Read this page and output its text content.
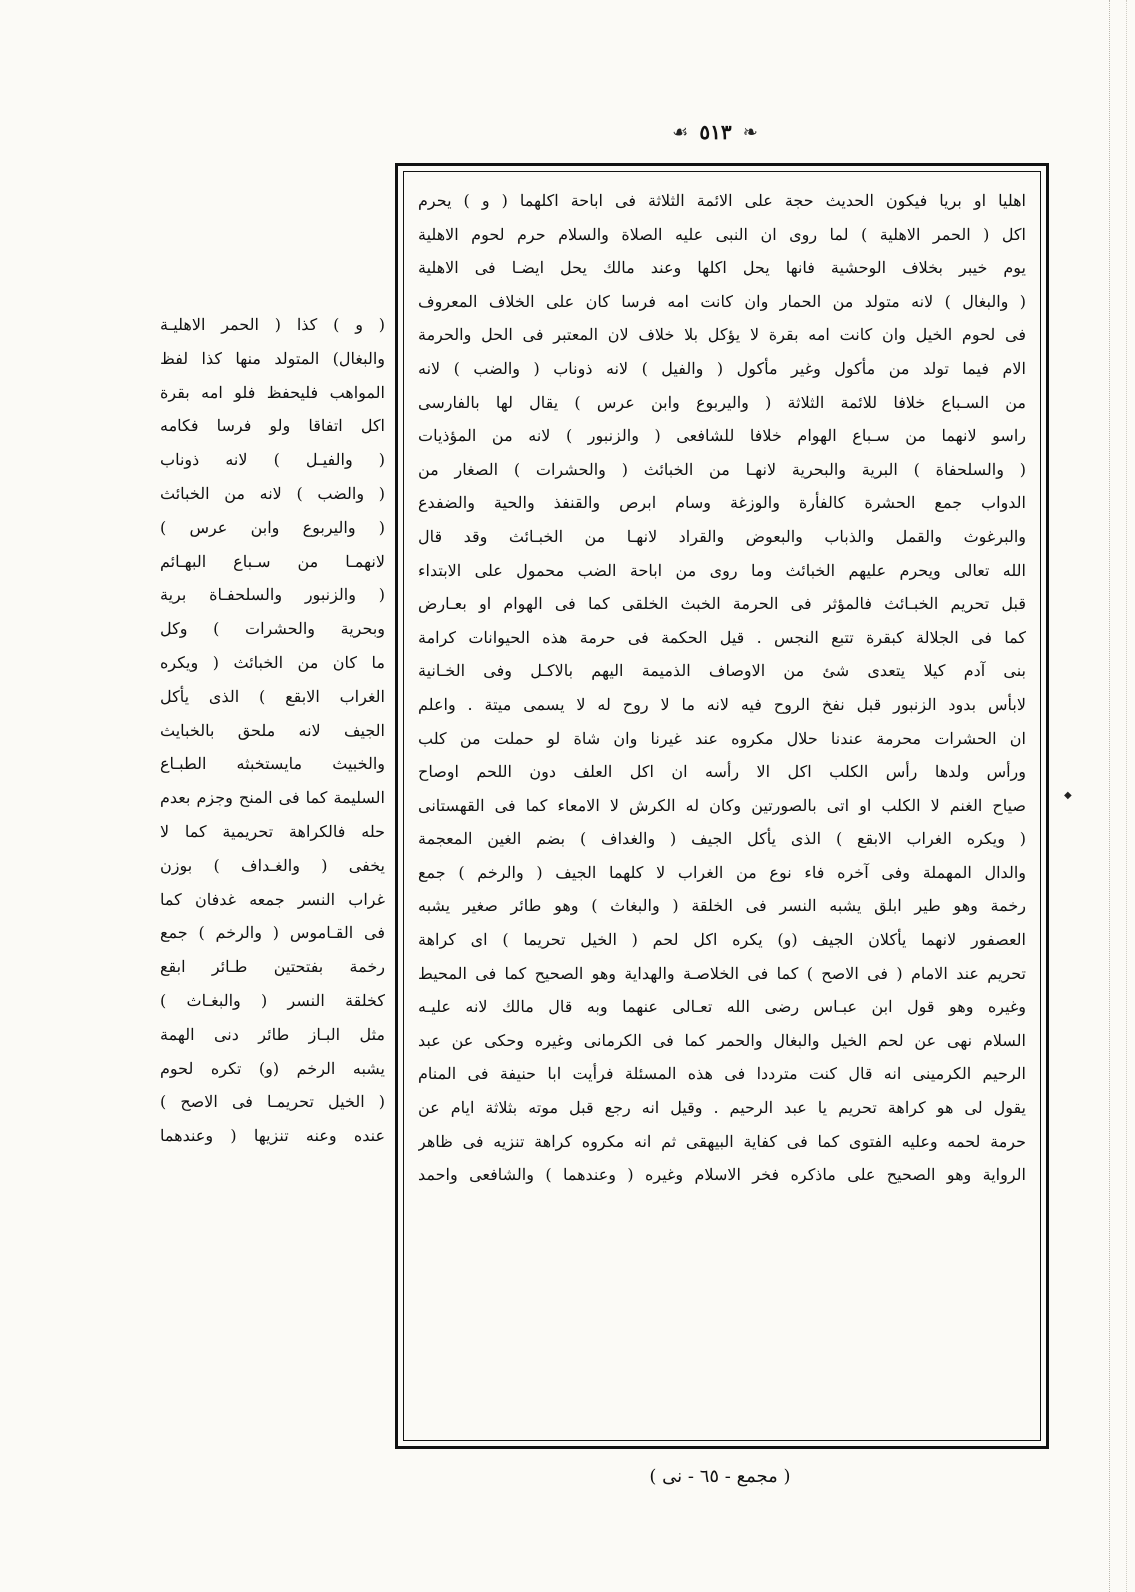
❧ ٥١٣ ☙
اهليا او بريا فيكون الحديث حجة على الائمة الثلاثة فى اباحة اكلهما ( و ) يحرم
اكل ( الحمر الاهلية ) لما روى ان النبى عليه الصلاة والسلام حرم لحوم الاهلية
يوم خيبر بخلاف الوحشية فانها يحل اكلها وعند مالك يحل ايضـا فى الاهلية
( والبغال ) لانه متولد من الحمار وان كانت امه فرسا كان على الخلاف المعروف
فى لحوم الخيل وان كانت امه بقرة لا يؤكل بلا خلاف لان المعتبر فى الحل والحرمة
الام فيما تولد من مأكول وغير مأكول ( والفيل ) لانه ذوناب ( والضب ) لانه
من السـباع خلافا للائمة الثلاثة ( واليربوع وابن عرس ) يقال لها بالفارسى
راسو لانهما من سـباع الهوام خلافا للشافعى ( والزنبور ) لانه من المؤذيات
( والسلحفاة ) البرية والبحرية لانهـا من الخبائث ( والحشرات ) الصغار من
الدواب جمع الحشرة كالفأرة والوزغة وسام ابرص والقنفذ والحية والضفدع
والبرغوث والقمل والذباب والبعوض والقراد لانهـا من الخبـائث وقد قال
الله تعالى ويحرم عليهم الخبائث وما روى من اباحة الضب محمول على الابتداء
قبل تحريم الخبـائث فالمؤثر فى الحرمة الخبث الخلقى كما فى الهوام او بعـارض
كما فى الجلالة كبقرة تتبع النجس . قيل الحكمة فى حرمة هذه الحيوانات كرامة
بنى آدم كيلا يتعدى شئ من الاوصاف الذميمة اليهم بالاكـل وفى الخـانية
لابأس بدود الزنبور قبل نفخ الروح فيه لانه ما لا روح له لا يسمى ميتة . واعلم
ان الحشرات محرمة عندنا حلال مكروه عند غيرنا وان شاة لو حملت من كلب
ورأس ولدها رأس الكلب اكل الا رأسه ان اكل العلف دون اللحم اوصاح
صياح الغنم لا الكلب او اتى بالصورتين وكان له الكرش لا الامعاء كما فى القهستانى
( ويكره الغراب الابقع ) الذى يأكل الجيف ( والغداف ) بضم الغين المعجمة
والدال المهملة وفى آخره فاء نوع من الغراب لا كلهما الجيف ( والرخم ) جمع
رخمة وهو طير ابلق يشبه النسر فى الخلقة ( والبغاث ) وهو طائر صغير يشبه
العصفور لانهما يأكلان الجيف (و) يكره اكل لحم ( الخيل تحريما ) اى كراهة
تحريم عند الامام ( فى الاصح ) كما فى الخلاصـة والهداية وهو الصحيح كما فى المحيط
وغيره وهو قول ابن عبـاس رضى الله تعـالى عنهما وبه قال مالك لانه عليـه
السلام نهى عن لحم الخيل والبغال والحمر كما فى الكرمانى وغيره وحكى عن عبد
الرحيم الكرمينى انه قال كنت مترددا فى هذه المسئلة فرأيت ابا حنيفة فى المنام
يقول لى هو كراهة تحريم يا عبد الرحيم . وقيل انه رجع قبل موته بثلاثة ايام عن
حرمة لحمه وعليه الفتوى كما فى كفاية البيهقى ثم انه مكروه كراهة تنزيه فى ظاهر
الرواية وهو الصحيح على ماذكره فخر الاسلام وغيره ( وعندهما ) والشافعى واحمد
( و ) كذا ( الحمر الاهليـة
والبغال) المتولد منها كذا لفظ
المواهب فليحفظ فلو امه بقرة
اكل اتفاقا ولو فرسا فكامه
( والفيـل ) لانه ذوناب
( والضب ) لانه من الخبائث
( واليربوع وابن عرس )
لانهمـا من سـباع البهـائم
( والزنبور والسلحفـاة برية
وبحرية والحشرات ) وكل
ما كان من الخبائث ( ويكره
الغراب الابقع ) الذى يأكل
الجيف لانه ملحق بالخبايث
والخبيث مايستخبثه الطبـاع
السليمة كما فى المنح وجزم بعدم
حله فالكراهة تحريمية كما لا
يخفى ( والغـداف ) بوزن
غراب النسر جمعه غدفان كما
فى القـاموس ( والرخم ) جمع
رخمة بفتحتين طـائر ابقع
كخلقة النسر ( والبغـاث )
مثل البـاز طائر دنى الهمة
يشبه الرخم (و) تكره لحوم
( الخيل تحريمـا فى الاصح )
عنده وعنه تنزيها ( وعندهما
◆
( مجمع - ٦٥ - نى )
